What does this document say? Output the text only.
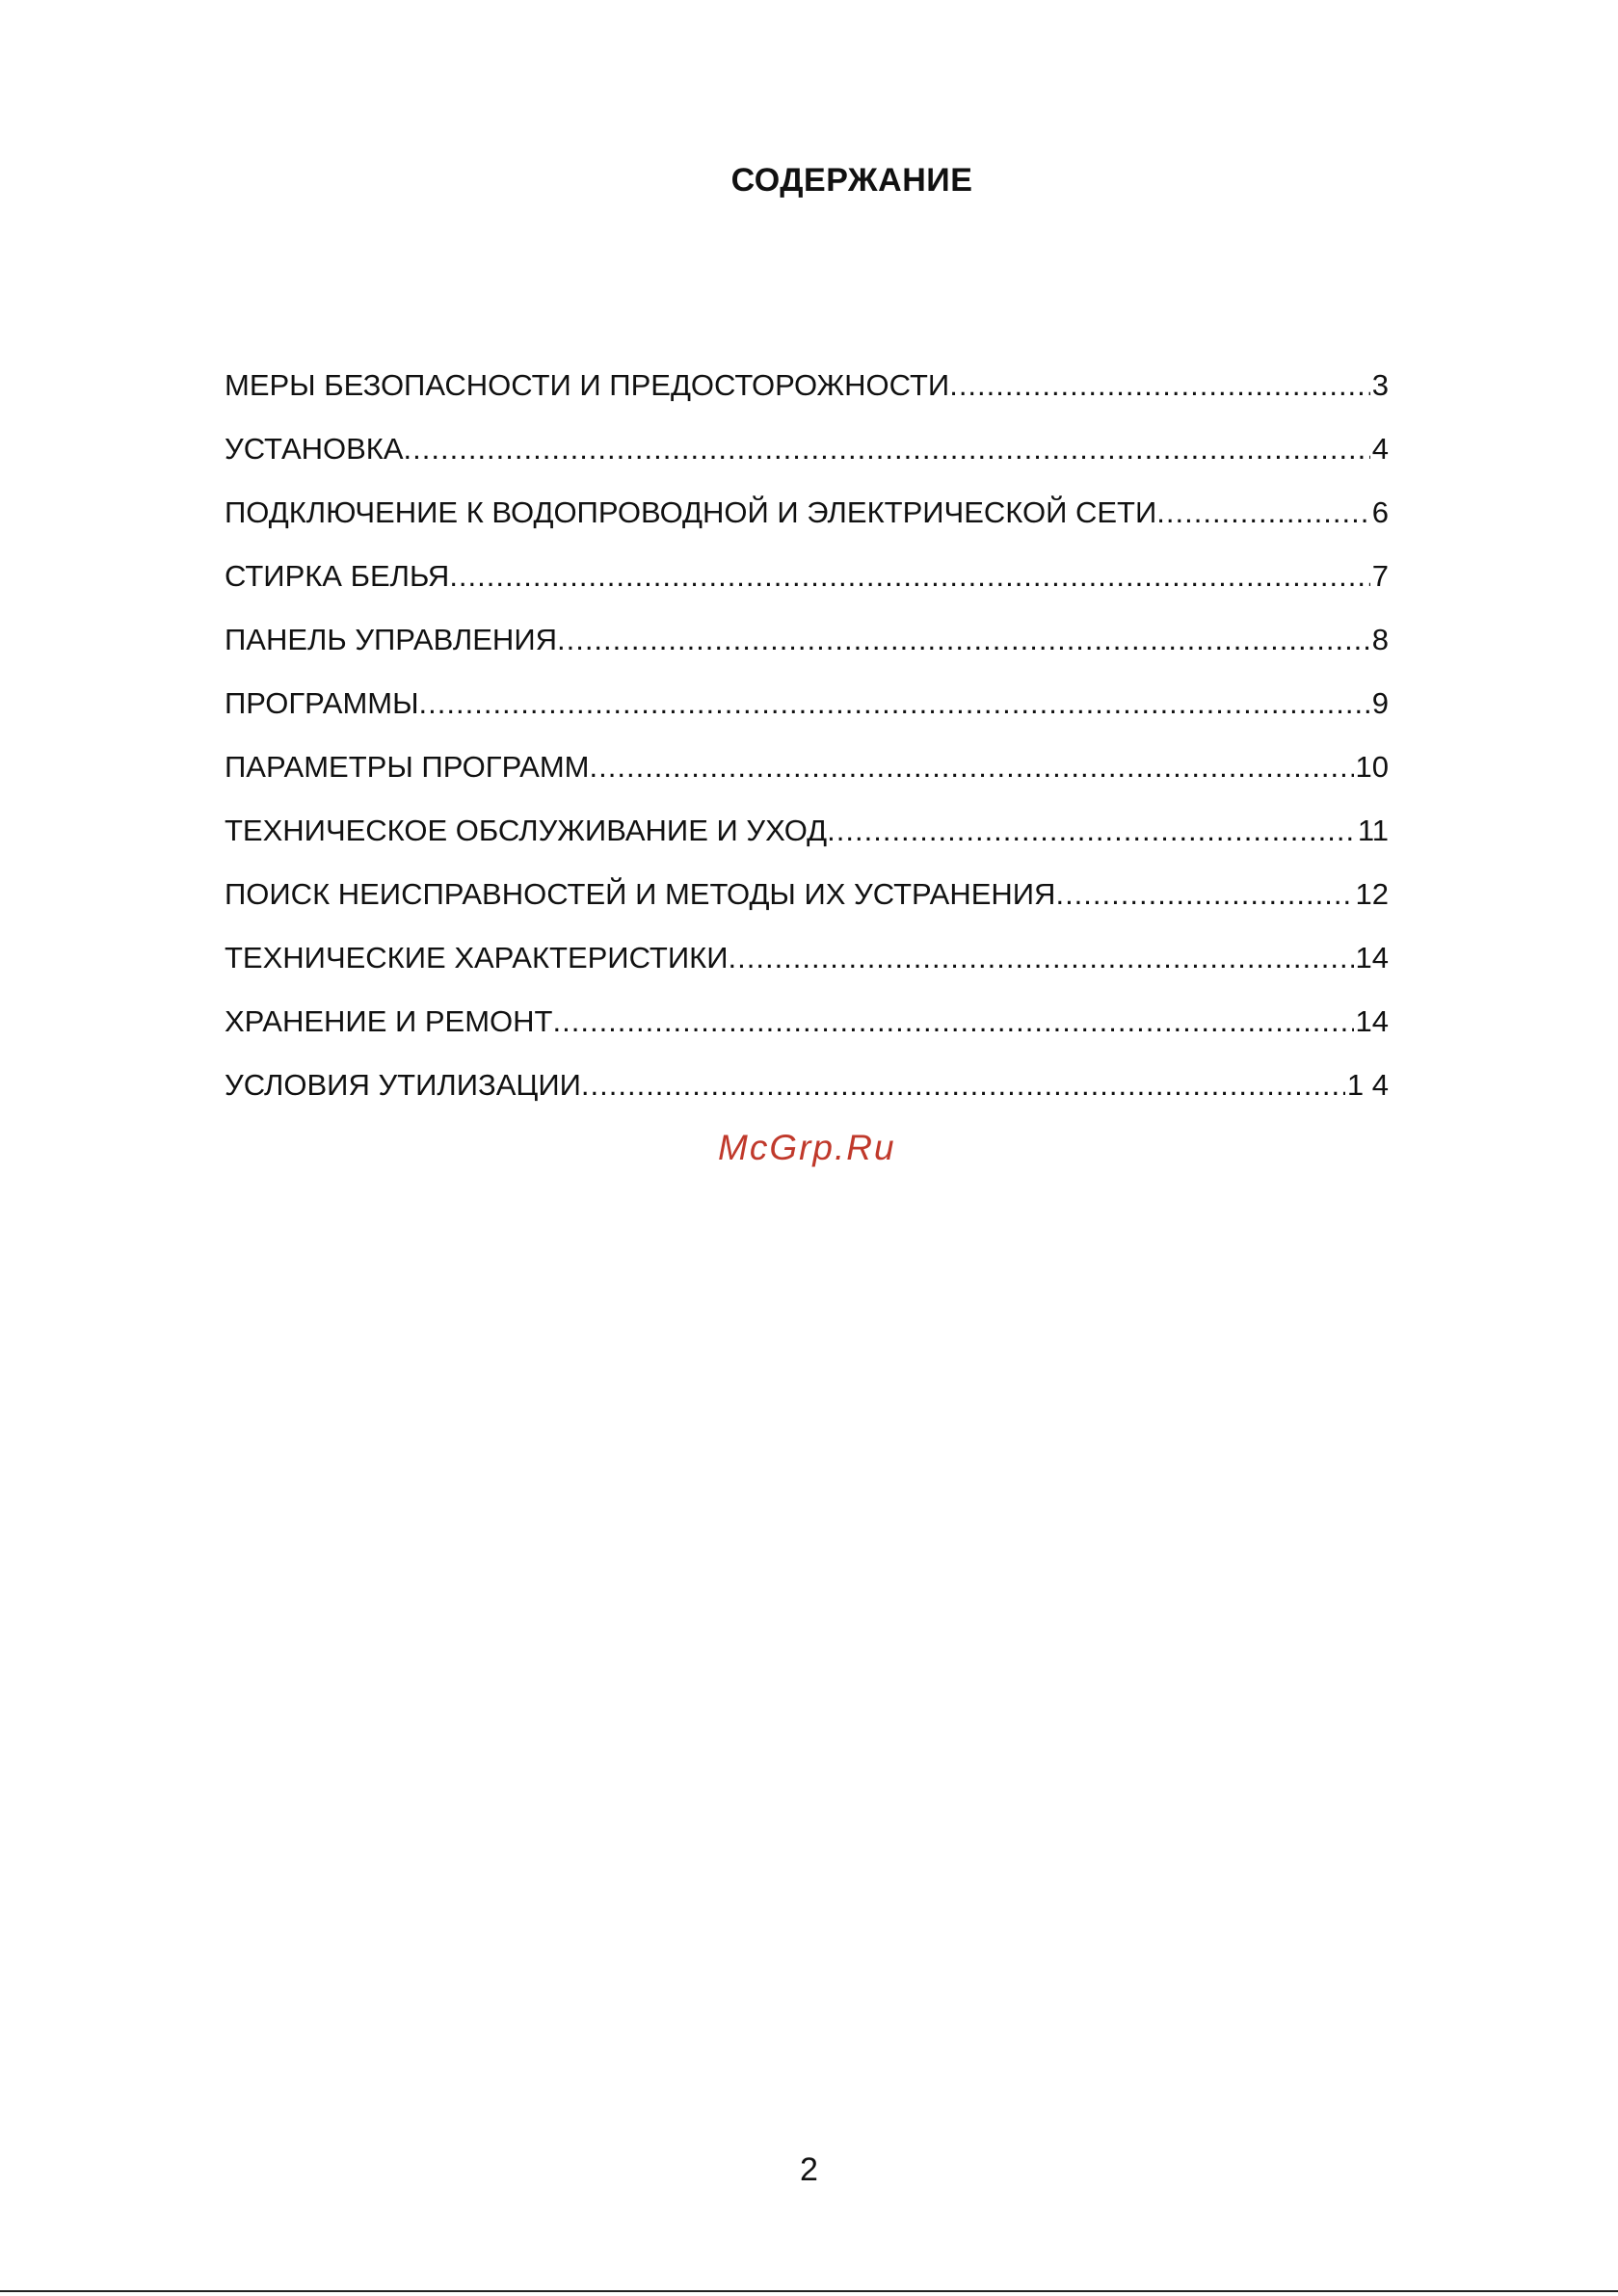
СОДЕРЖАНИЕ
МЕРЫ БЕЗОПАСНОСТИ И ПРЕДОСТОРОЖНОСТИ .....	3
УСТАНОВКА .....	4
ПОДКЛЮЧЕНИЕ К ВОДОПРОВОДНОЙ И ЭЛЕКТРИЧЕСКОЙ СЕТИ .....	6
СТИРКА БЕЛЬЯ .....	7
ПАНЕЛЬ УПРАВЛЕНИЯ .....	8
ПРОГРАММЫ .....	9
ПАРАМЕТРЫ ПРОГРАММ .....	10
ТЕХНИЧЕСКОЕ ОБСЛУЖИВАНИЕ И УХОД .....	11
ПОИСК НЕИСПРАВНОСТЕЙ И МЕТОДЫ ИХ УСТРАНЕНИЯ .....	12
ТЕХНИЧЕСКИЕ ХАРАКТЕРИСТИКИ .....	14
ХРАНЕНИЕ И РЕМОНТ .....	14
УСЛОВИЯ УТИЛИЗАЦИИ .....	1 4
McGrp.Ru
2
